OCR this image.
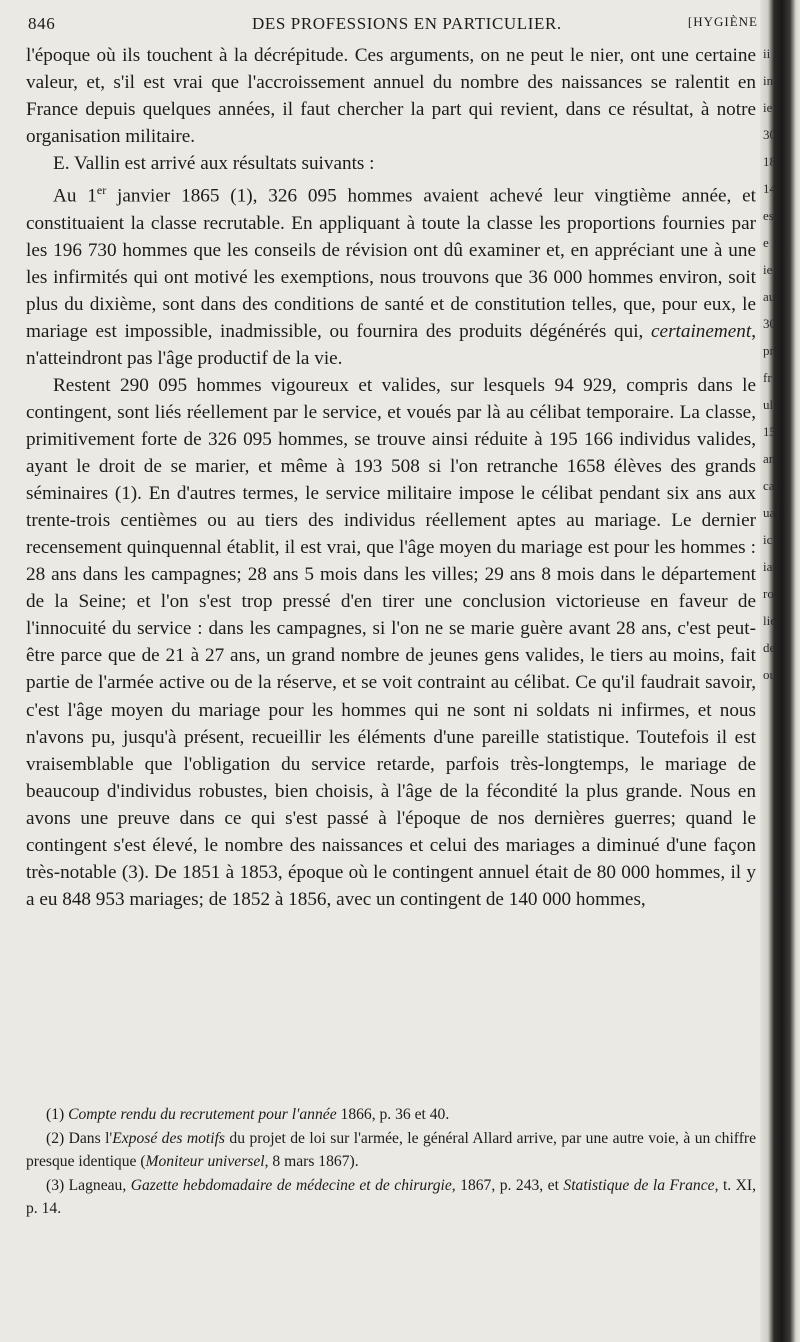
846	DES PROFESSIONS EN PARTICULIER.	[HYGIÈNE

l'époque où ils touchent à la décrépitude. Ces arguments, on ne peut le nier, ont une certaine valeur, et, s'il est vrai que l'accroissement annuel du nombre des naissances se ralentit en France depuis quelques années, il faut chercher la part qui revient, dans ce résultat, à notre organisation militaire.

E. Vallin est arrivé aux résultats suivants :

Au 1er janvier 1865 (1), 326 095 hommes avaient achevé leur vingtième année, et constituaient la classe recrutable. En appliquant à toute la classe les proportions fournies par les 196 730 hommes que les conseils de révision ont dû examiner et, en appréciant une à une les infirmités qui ont motivé les exemptions, nous trouvons que 36 000 hommes environ, soit plus du dixième, sont dans des conditions de santé et de constitution telles, que, pour eux, le mariage est impossible, inadmissible, ou fournira des produits dégénérés qui, certainement, n'atteindront pas l'âge productif de la vie.

Restent 290 095 hommes vigoureux et valides, sur lesquels 94 929, compris dans le contingent, sont liés réellement par le service, et voués par là au célibat temporaire. La classe, primitivement forte de 326 095 hommes, se trouve ainsi réduite à 195 166 individus valides, ayant le droit de se marier, et même à 193 508 si l'on retranche 1658 élèves des grands séminaires (1). En d'autres termes, le service militaire impose le célibat pendant six ans aux trente-trois centièmes ou au tiers des individus réellement aptes au mariage. Le dernier recensement quinquennal établit, il est vrai, que l'âge moyen du mariage est pour les hommes : 28 ans dans les campagnes; 28 ans 5 mois dans les villes; 29 ans 8 mois dans le département de la Seine; et l'on s'est trop pressé d'en tirer une conclusion victorieuse en faveur de l'innocuité du service : dans les campagnes, si l'on ne se marie guère avant 28 ans, c'est peut-être parce que de 21 à 27 ans, un grand nombre de jeunes gens valides, le tiers au moins, fait partie de l'armée active ou de la réserve, et se voit contraint au célibat. Ce qu'il faudrait savoir, c'est l'âge moyen du mariage pour les hommes qui ne sont ni soldats ni infirmes, et nous n'avons pu, jusqu'à présent, recueillir les éléments d'une pareille statistique. Toutefois il est vraisemblable que l'obligation du service retarde, parfois très-longtemps, le mariage de beaucoup d'individus robustes, bien choisis, à l'âge de la fécondité la plus grande. Nous en avons une preuve dans ce qui s'est passé à l'époque de nos dernières guerres; quand le contingent s'est élevé, le nombre des naissances et celui des mariages a diminué d'une façon très-notable (3). De 1851 à 1853, époque où le contingent annuel était de 80 000 hommes, il y a eu 848 953 mariages; de 1852 à 1856, avec un contingent de 140 000 hommes,

(1) Compte rendu du recrutement pour l'année 1866, p. 36 et 40.

(2) Dans l'Exposé des motifs du projet de loi sur l'armée, le général Allard arrive, par une autre voie, à un chiffre presque identique (Moniteur universel, 8 mars 1867).

(3) Lagneau, Gazette hebdomadaire de médecine et de chirurgie, 1867, p. 243, et Statistique de la France, t. XI, p. 14.

ii
in
ie
30
18
14
es
e
ie
au
30
pr
fr
ul
15
an
cai
ual
ic
iat
roi
lie
de
ou
